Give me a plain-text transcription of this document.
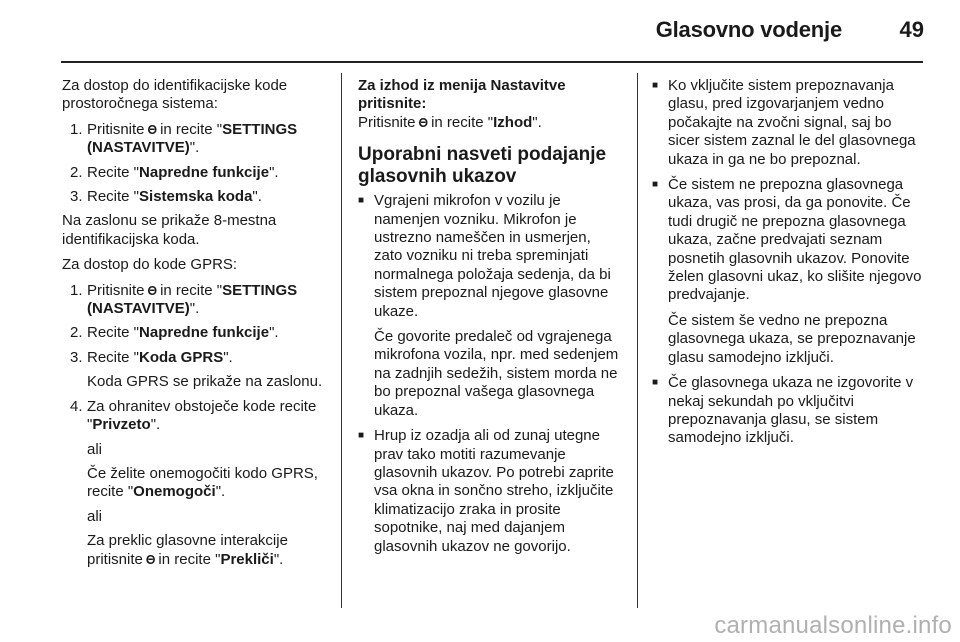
Glasovno vodenje	49

Za dostop do identifikacijske kode prostoročnega sistema:

1. Pritisnite 𝚯 in recite "SETTINGS (NASTAVITVE)".
2. Recite "Napredne funkcije".
3. Recite "Sistemska koda".

Na zaslonu se prikaže 8-mestna identifikacijska koda.

Za dostop do kode GPRS:

1. Pritisnite 𝚯 in recite "SETTINGS (NASTAVITVE)".
2. Recite "Napredne funkcije".
3. Recite "Koda GPRS".
Koda GPRS se prikaže na zaslonu.
4. Za ohranitev obstoječe kode recite "Privzeto".
ali
Če želite onemogočiti kodo GPRS, recite "Onemogoči".
ali
Za preklic glasovne interakcije pritisnite 𝚯 in recite "Prekliči".

Za izhod iz menija Nastavitve pritisnite:

Pritisnite 𝚯 in recite "Izhod".

Uporabni nasveti podajanje glasovnih ukazov
■ Vgrajeni mikrofon v vozilu je namenjen vozniku. Mikrofon je ustrezno nameščen in usmerjen, zato vozniku ni treba spreminjati normalnega položaja sedenja, da bi sistem prepoznal njegove glasovne ukaze.
Če govorite predaleč od vgrajenega mikrofona vozila, npr. med sedenjem na zadnjih sedežih, sistem morda ne bo prepoznal vašega glasovnega ukaza.
■ Hrup iz ozadja ali od zunaj utegne prav tako motiti razumevanje glasovnih ukazov. Po potrebi zaprite vsa okna in sončno streho, izključite klimatizacijo zraka in prosite sopotnike, naj med dajanjem glasovnih ukazov ne govorijo.
■ Ko vključite sistem prepoznavanja glasu, pred izgovarjanjem vedno počakajte na zvočni signal, saj bo sicer sistem zaznal le del glasovnega ukaza in ga ne bo prepoznal.
■ Če sistem ne prepozna glasovnega ukaza, vas prosi, da ga ponovite. Če tudi drugič ne prepozna glasovnega ukaza, začne predvajati seznam posnetih glasovnih ukazov. Ponovite želen glasovni ukaz, ko slišite njegovo predvajanje.
Če sistem še vedno ne prepozna glasovnega ukaza, se prepoznavanje glasu samodejno izključi.
■ Če glasovnega ukaza ne izgovorite v nekaj sekundah po vključitvi prepoznavanja glasu, se sistem samodejno izključi.
carmanualsonline.info
